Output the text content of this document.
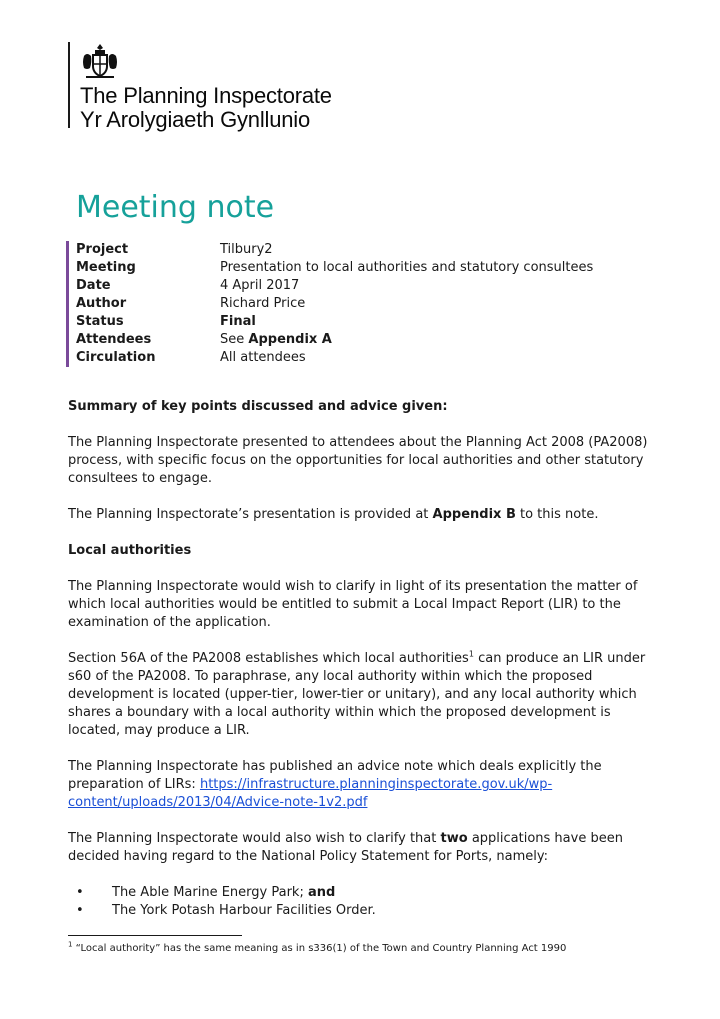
The Planning Inspectorate
Yr Arolygiaeth Gynllunio
Meeting note
Project	Tilbury2
Meeting	Presentation to local authorities and statutory consultees
Date	4 April 2017
Author	Richard Price
Status	Final
Attendees	See Appendix A
Circulation	All attendees

Summary of key points discussed and advice given:

The Planning Inspectorate presented to attendees about the Planning Act 2008 (PA2008) process, with specific focus on the opportunities for local authorities and other statutory consultees to engage.

The Planning Inspectorate’s presentation is provided at Appendix B to this note.

Local authorities

The Planning Inspectorate would wish to clarify in light of its presentation the matter of which local authorities would be entitled to submit a Local Impact Report (LIR) to the examination of the application.

Section 56A of the PA2008 establishes which local authorities$^1$ can produce an LIR under s60 of the PA2008. To paraphrase, any local authority within which the proposed development is located (upper-tier, lower-tier or unitary), and any local authority which shares a boundary with a local authority within which the proposed development is located, may produce a LIR.

The Planning Inspectorate has published an advice note which deals explicitly the preparation of LIRs: https://infrastructure.planninginspectorate.gov.uk/wp-content/uploads/2013/04/Advice-note-1v2.pdf

The Planning Inspectorate would also wish to clarify that two applications have been decided having regard to the National Policy Statement for Ports, namely:

• The Able Marine Energy Park; and
• The York Potash Harbour Facilities Order.
$^1$ “Local authority” has the same meaning as in s336(1) of the Town and Country Planning Act 1990
